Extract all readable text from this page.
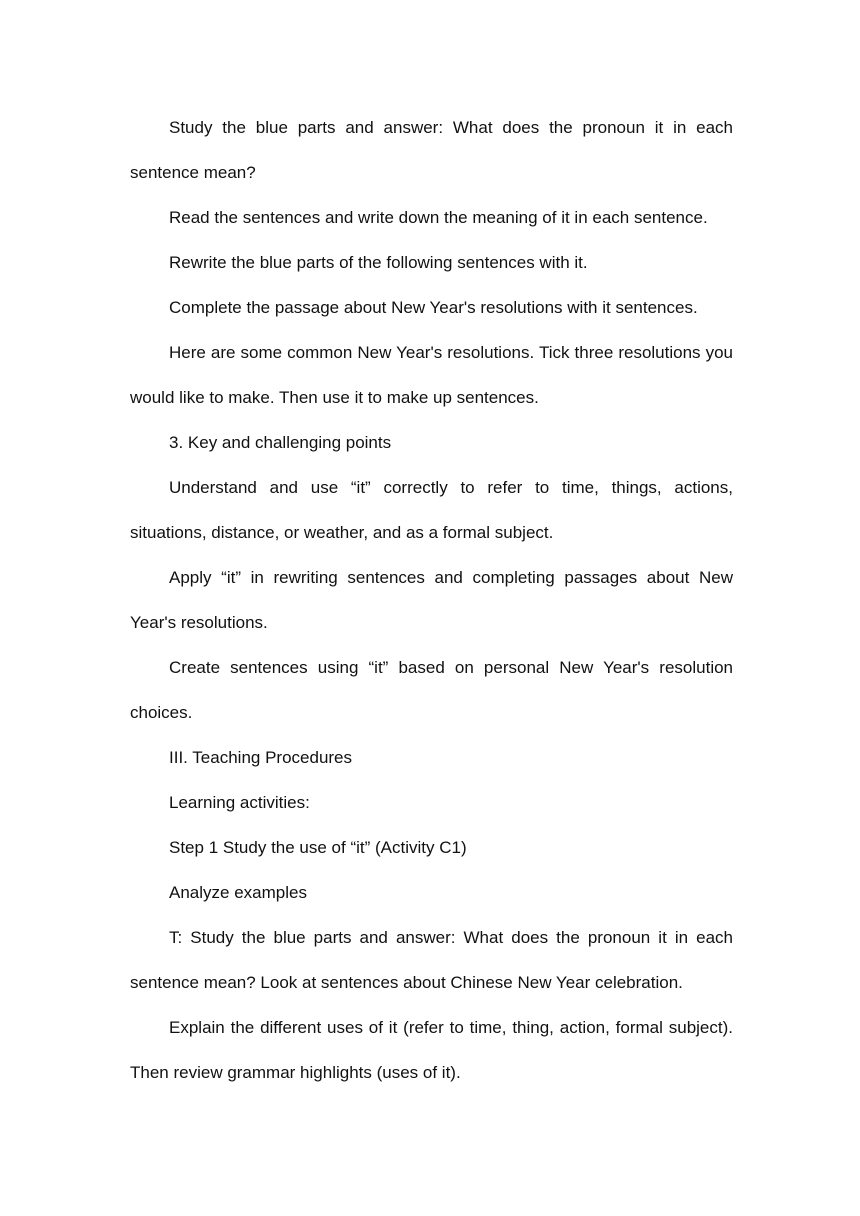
Study the blue parts and answer: What does the pronoun it in each sentence mean?

Read the sentences and write down the meaning of it in each sentence.

Rewrite the blue parts of the following sentences with it.

Complete the passage about New Year's resolutions with it sentences.

Here are some common New Year's resolutions. Tick three resolutions you would like to make. Then use it to make up sentences.

3. Key and challenging points

Understand and use “it” correctly to refer to time, things, actions, situations, distance, or weather, and as a formal subject.

Apply “it” in rewriting sentences and completing passages about New Year's resolutions.

Create sentences using “it” based on personal New Year's resolution choices.

III. Teaching Procedures

Learning activities:

Step 1 Study the use of “it” (Activity C1)

Analyze examples

T: Study the blue parts and answer: What does the pronoun it in each sentence mean? Look at sentences about Chinese New Year celebration.

Explain the different uses of it (refer to time, thing, action, formal subject). Then review grammar highlights (uses of it).
